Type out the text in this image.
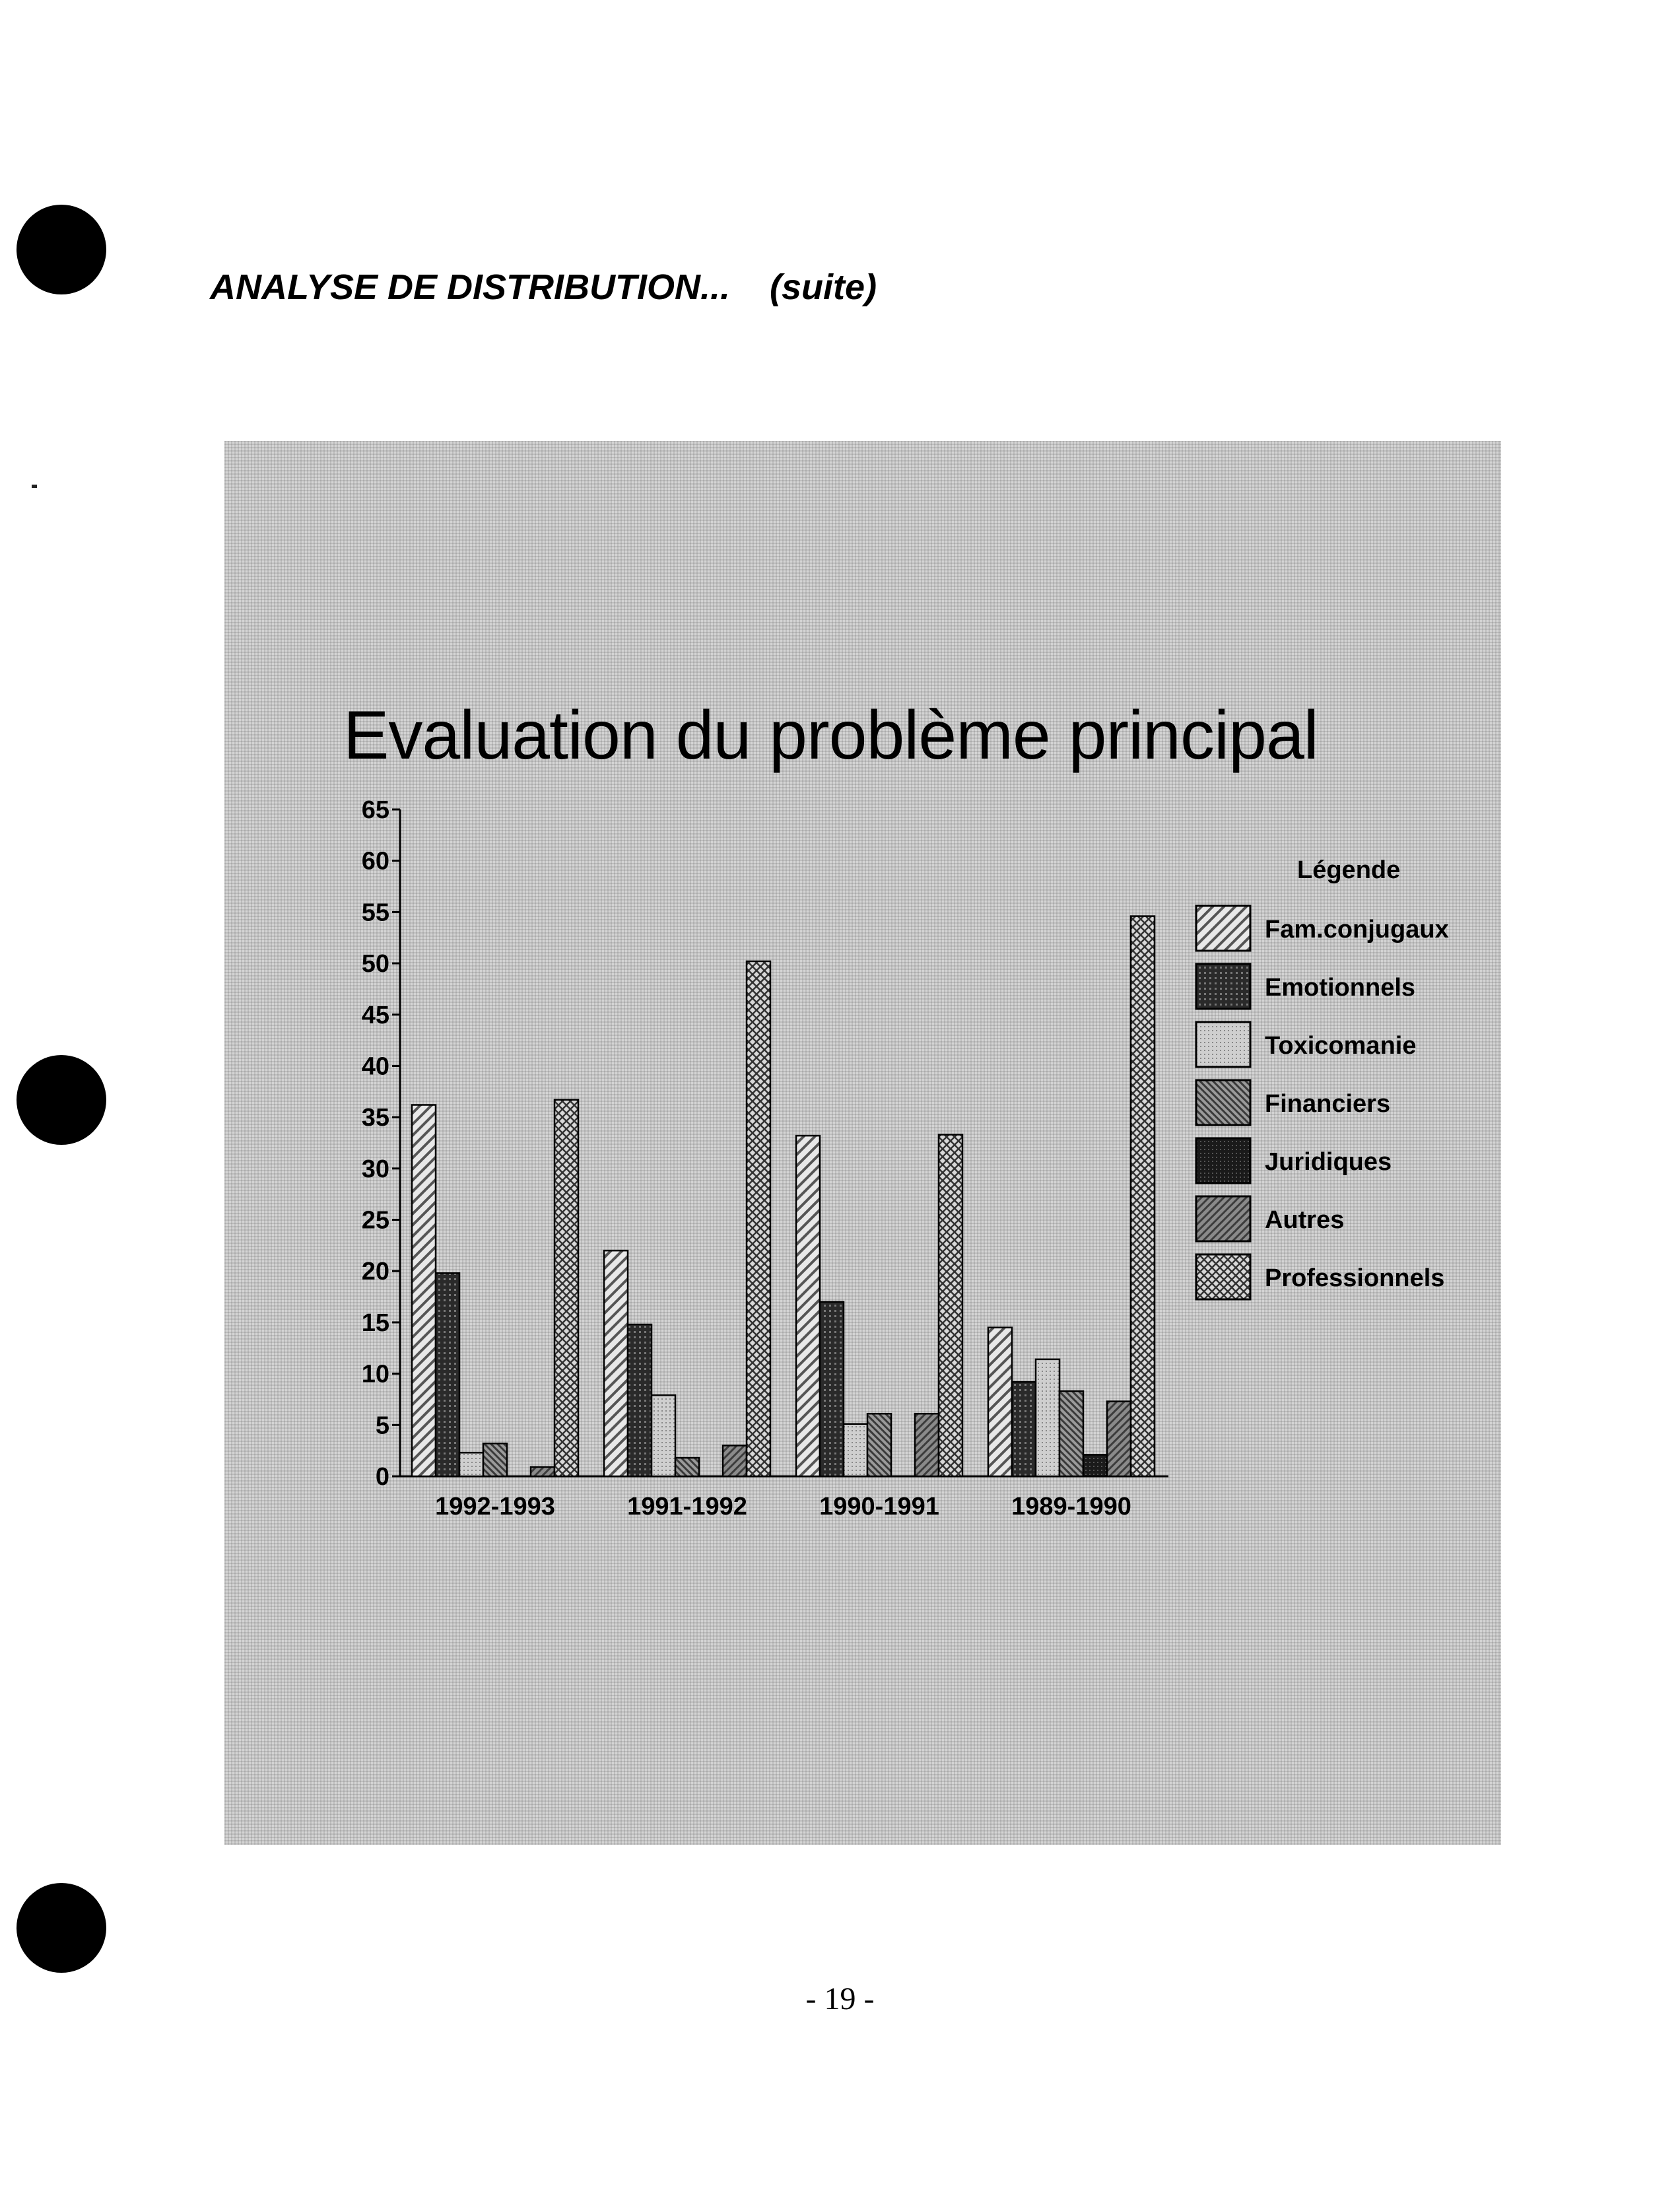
ANALYSE DE DISTRIBUTION... (suite)
Evaluation du problème principal
0
5
10
15
20
25
30
35
40
45
50
55
60
65
1992-1993	1991-1992	1990-1991	1989-1990
Légende
Fam.conjugaux
Emotionnels
Toxicomanie
Financiers
Juridiques
Autres
Professionnels
- 19 -
